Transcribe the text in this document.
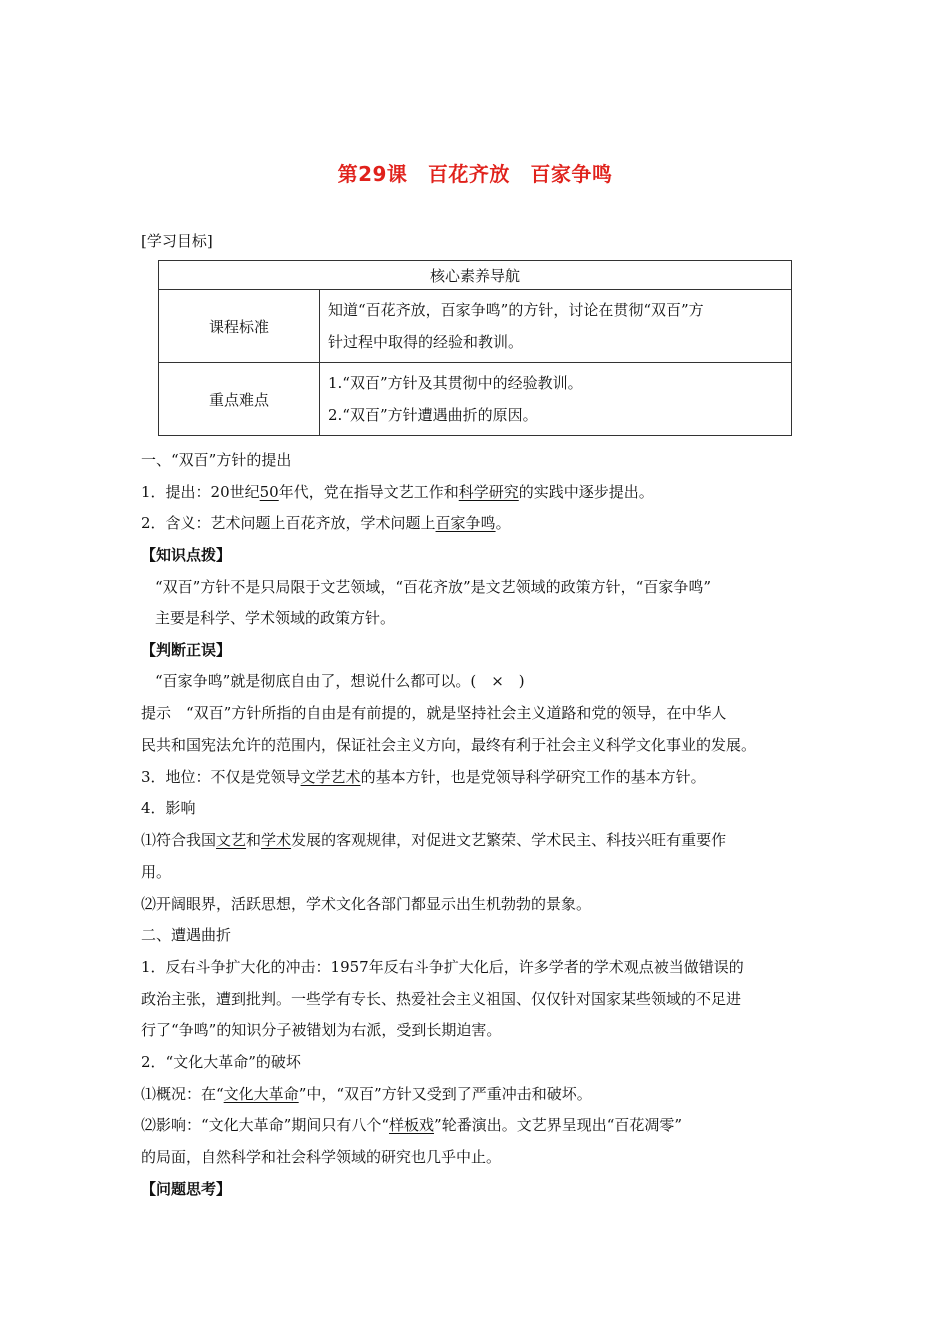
第29课　百花齐放　百家争鸣
[学习目标]
核心素养导航	
课程标准	知道“百花齐放，百家争鸣”的方针，讨论在贯彻“双百”方
针过程中取得的经验和教训。

重点难点	1.“双百”方针及其贯彻中的经验教训。
2.“双百”方针遭遇曲折的原因。
一、“双百”方针的提出
1．提出：20世纪50年代，党在指导文艺工作和科学研究的实践中逐步提出。
2．含义：艺术问题上百花齐放，学术问题上百家争鸣。
【知识点拨】
“双百”方针不是只局限于文艺领域，“百花齐放”是文艺领域的政策方针，“百家争鸣”
主要是科学、学术领域的政策方针。
【判断正误】
“百家争鸣”就是彻底自由了，想说什么都可以。(　×　)
提示　“双百”方针所指的自由是有前提的，就是坚持社会主义道路和党的领导，在中华人
民共和国宪法允许的范围内，保证社会主义方向，最终有利于社会主义科学文化事业的发展。
3．地位：不仅是党领导文学艺术的基本方针，也是党领导科学研究工作的基本方针。
4．影响
⑴符合我国文艺和学术发展的客观规律，对促进文艺繁荣、学术民主、科技兴旺有重要作
用。
⑵开阔眼界，活跃思想，学术文化各部门都显示出生机勃勃的景象。
二、遭遇曲折
1．反右斗争扩大化的冲击：1957年反右斗争扩大化后，许多学者的学术观点被当做错误的
政治主张，遭到批判。一些学有专长、热爱社会主义祖国、仅仅针对国家某些领域的不足进
行了“争鸣”的知识分子被错划为右派，受到长期迫害。
2．“文化大革命”的破坏
⑴概况：在“文化大革命”中，“双百”方针又受到了严重冲击和破坏。
⑵影响：“文化大革命”期间只有八个“样板戏”轮番演出。文艺界呈现出“百花凋零”
的局面，自然科学和社会科学领域的研究也几乎中止。
【问题思考】
